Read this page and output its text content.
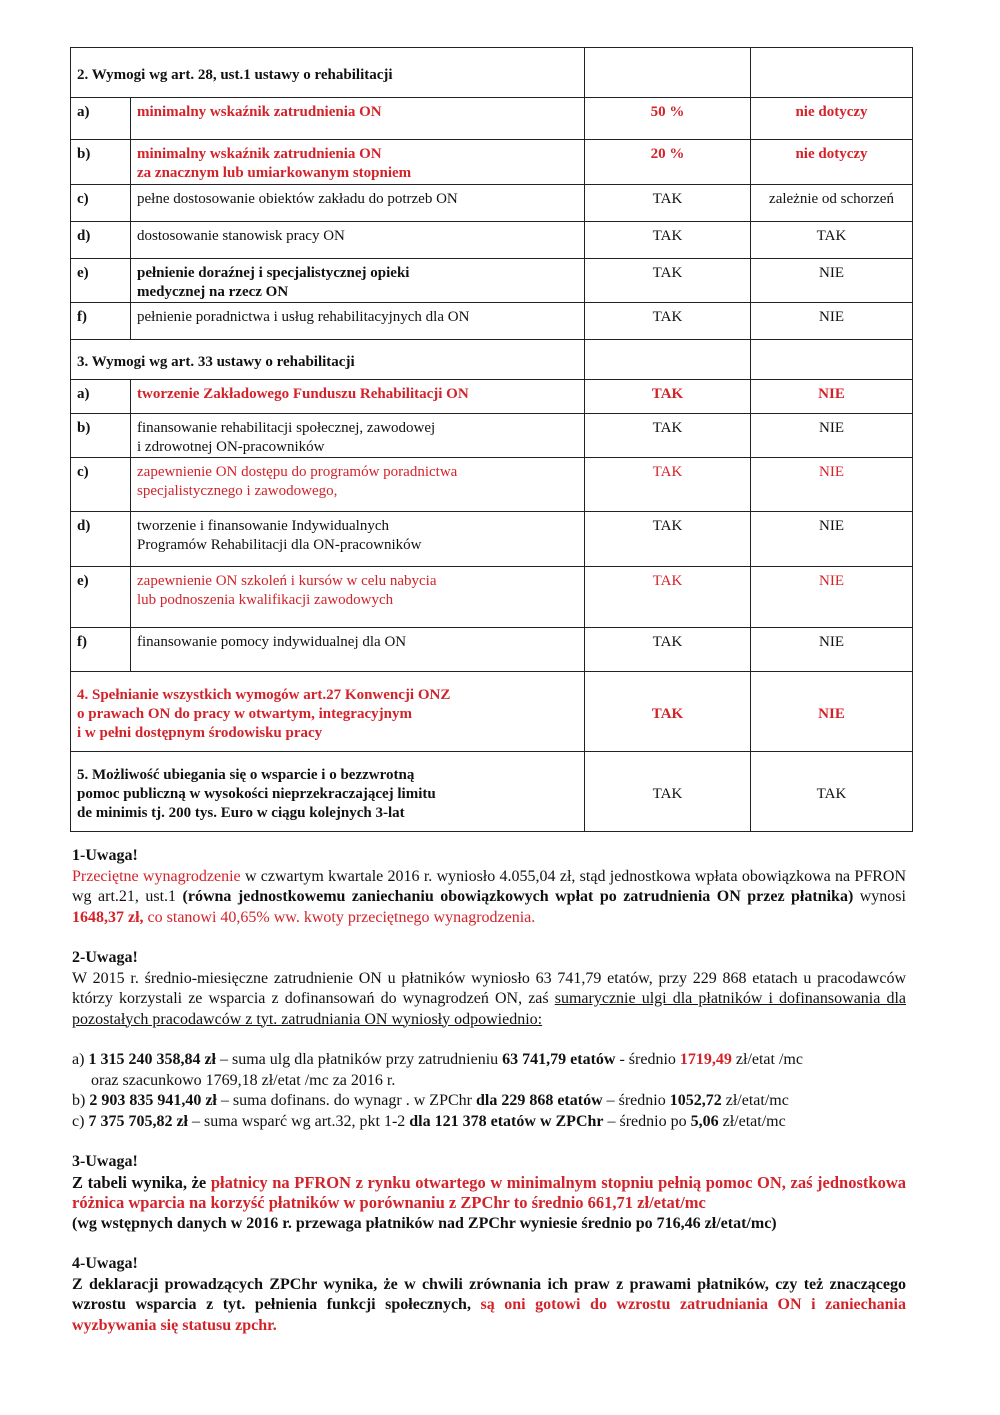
2. Wymogi wg art. 28, ust.1 ustawy o rehabilitacji			
a)	minimalny wskaźnik zatrudnienia ON	50 %	nie dotyczy
b)	minimalny wskaźnik zatrudnienia ON
za znacznym lub umiarkowanym stopniem	20 %	nie dotyczy
c)	pełne dostosowanie obiektów zakładu do potrzeb ON	TAK	zależnie od schorzeń
d)	dostosowanie stanowisk pracy ON	TAK	TAK
e)	pełnienie doraźnej i specjalistycznej opieki
medycznej na rzecz ON	TAK	NIE
f)	pełnienie poradnictwa i usług rehabilitacyjnych dla ON	TAK	NIE
3. Wymogi wg art. 33 ustawy o rehabilitacji			
a)	tworzenie Zakładowego Funduszu Rehabilitacji ON	TAK	NIE
b)	finansowanie rehabilitacji społecznej, zawodowej
i zdrowotnej ON-pracowników	TAK	NIE
c)	zapewnienie ON dostępu do programów poradnictwa
specjalistycznego i zawodowego,	TAK	NIE
d)	tworzenie i finansowanie Indywidualnych
Programów Rehabilitacji dla ON-pracowników	TAK	NIE
e)	zapewnienie ON szkoleń i kursów w celu nabycia
lub podnoszenia kwalifikacji zawodowych	TAK	NIE
f)	finansowanie pomocy indywidualnej dla ON	TAK	NIE

4. Spełnianie wszystkich wymogów art.27 Konwencji ONZ
o prawach ON do pracy w otwartym, integracyjnym
i w pełni dostępnym środowisku pracy		TAK	NIE

5. Możliwość ubiegania się o wsparcie i o bezzwrotną
pomoc publiczną w wysokości nieprzekraczającej limitu
de minimis tj. 200 tys. Euro w ciągu kolejnych 3-lat		TAK	TAK

1-Uwaga!

Przeciętne wynagrodzenie w czwartym kwartale 2016 r. wyniosło 4.055,04 zł, stąd jednostkowa wpłata obowiązkowa na PFRON wg art.21, ust.1 (równa jednostkowemu zaniechaniu obowiązkowych wpłat po zatrudnienia ON przez płatnika) wynosi 1648,37 zł, co stanowi 40,65% ww. kwoty przeciętnego wynagrodzenia.

2-Uwaga!

W 2015 r. średnio-miesięczne zatrudnienie ON u płatników wyniosło 63 741,79 etatów, przy 229 868 etatach u pracodawców którzy korzystali ze wsparcia z dofinansowań do wynagrodzeń ON, zaś sumarycznie ulgi dla płatników i dofinansowania dla pozostałych pracodawców z tyt. zatrudniania ON wyniosły odpowiednio:

a) 1 315 240 358,84 zł – suma ulg dla płatników przy zatrudnieniu 63 741,79 etatów - średnio 1719,49 zł/etat /mc

oraz szacunkowo 1769,18 zł/etat /mc za 2016 r.

b) 2 903 835 941,40 zł – suma dofinans. do wynagr . w ZPChr dla 229 868 etatów – średnio 1052,72 zł/etat/mc

c) 7 375 705,82 zł – suma wsparć wg art.32, pkt 1-2 dla 121 378 etatów w ZPChr – średnio po 5,06 zł/etat/mc

3-Uwaga!

Z tabeli wynika, że płatnicy na PFRON z rynku otwartego w minimalnym stopniu pełnią pomoc ON, zaś jednostkowa różnica wparcia na korzyść płatników w porównaniu z ZPChr to średnio 661,71 zł/etat/mc

(wg wstępnych danych w 2016 r. przewaga płatników nad ZPChr wyniesie średnio po 716,46 zł/etat/mc)

4-Uwaga!

Z deklaracji prowadzących ZPChr wynika, że w chwili zrównania ich praw z prawami płatników, czy też znaczącego wzrostu wsparcia z tyt. pełnienia funkcji społecznych, są oni gotowi do wzrostu zatrudniania ON i zaniechania wyzbywania się statusu zpchr.
